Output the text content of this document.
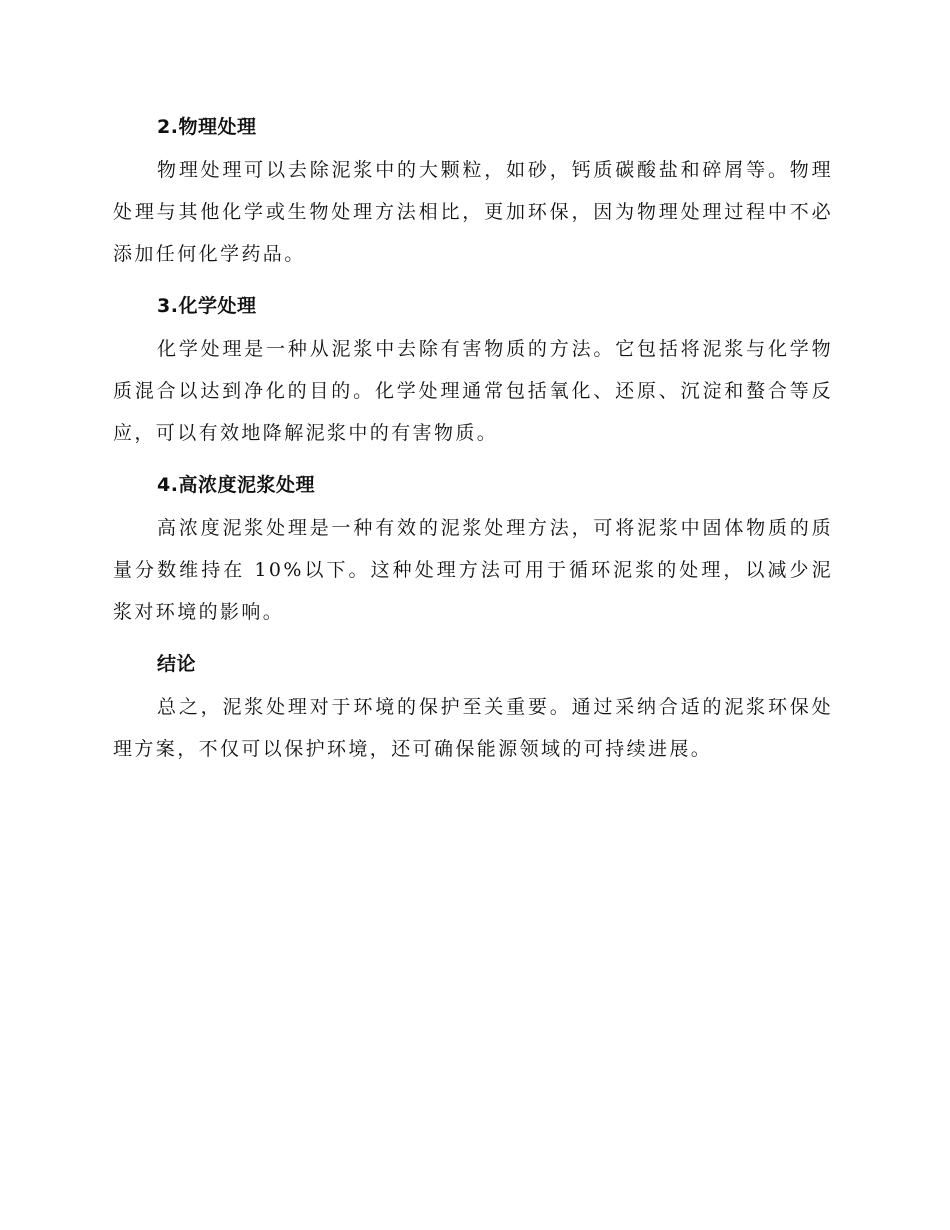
2.物理处理

物理处理可以去除泥浆中的大颗粒，如砂，钙质碳酸盐和碎屑等。物理处理与其他化学或生物处理方法相比，更加环保，因为物理处理过程中不必添加任何化学药品。

3.化学处理

化学处理是一种从泥浆中去除有害物质的方法。它包括将泥浆与化学物质混合以达到净化的目的。化学处理通常包括氧化、还原、沉淀和螯合等反应，可以有效地降解泥浆中的有害物质。

4.高浓度泥浆处理

高浓度泥浆处理是一种有效的泥浆处理方法，可将泥浆中固体物质的质量分数维持在 10%以下。这种处理方法可用于循环泥浆的处理，以减少泥浆对环境的影响。

结论

总之，泥浆处理对于环境的保护至关重要。通过采纳合适的泥浆环保处理方案，不仅可以保护环境，还可确保能源领域的可持续进展。
